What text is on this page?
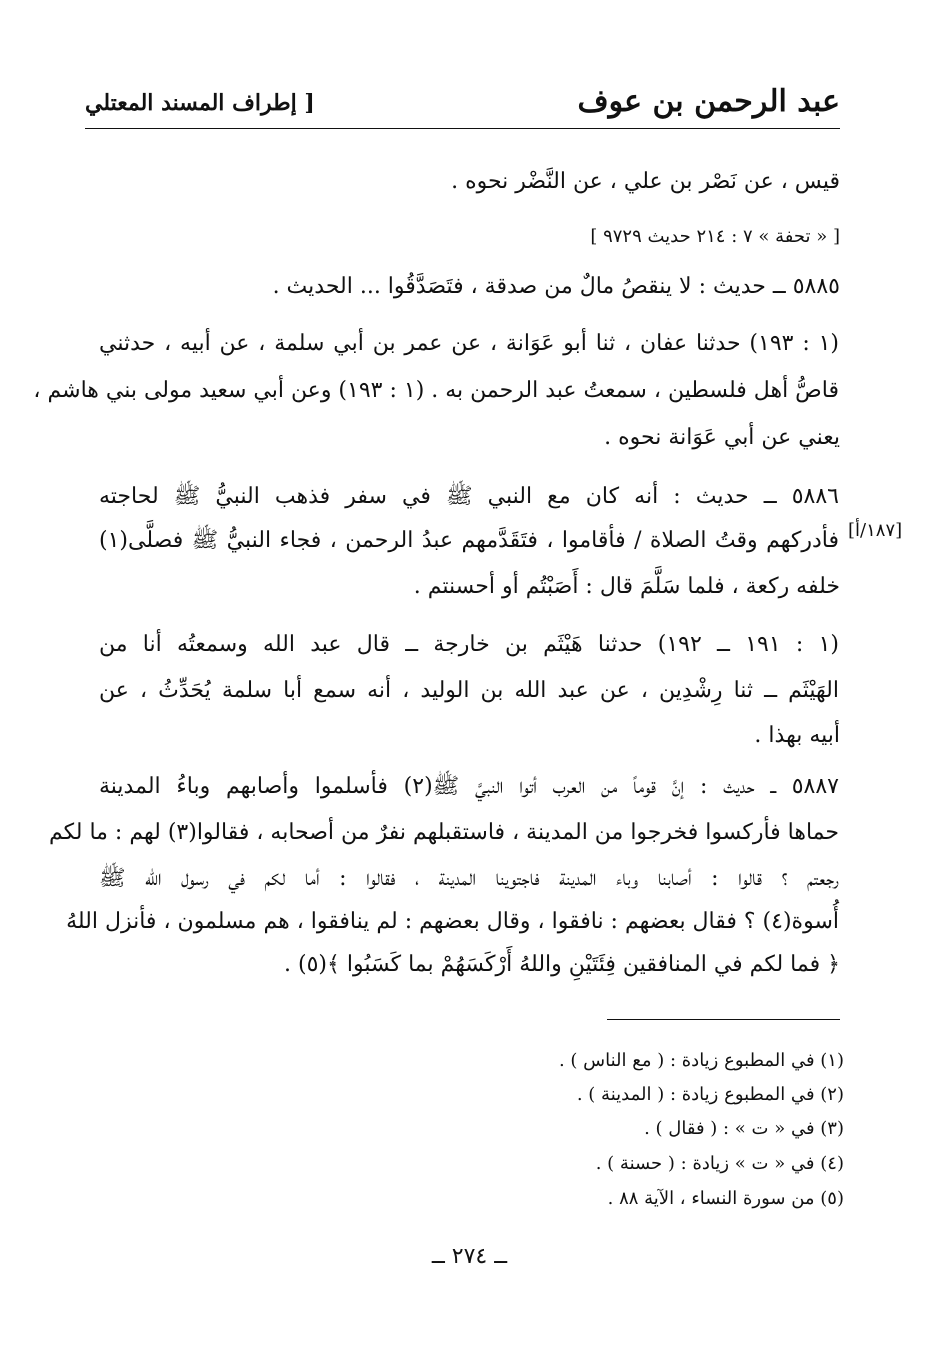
عبد الرحمن بن عوف
[ إطراف المسند المعتلي
قيس ، عن نَصْر بن علي ، عن النَّضْر نحوه .
[ « تحفة » ٧ : ٢١٤ حديث ٩٧٢٩ ]
٥٨٨٥ ــ حديث : لا ينقصُ مالٌ من صدقة ، فتَصَدَّقُوا ... الحديث .
(١ : ١٩٣) حدثنا عفان ، ثنا أبو عَوَانة ، عن عمر بن أبي سلمة ، عن أبيه ، حدثني
قاصُّ أهل فلسطين ، سمعتُ عبد الرحمن به . (١ : ١٩٣) وعن أبي سعيد مولى بني هاشم ،
يعني عن أبي عَوَانة نحوه .
٥٨٨٦ ــ حديث : أنه كان مع النبي ﷺ في سفر فذهب النبيُّ ﷺ لحاجته
[١٨٧/أ]
فأدركهم وقتُ الصلاة / فأقاموا ، فتَقَدَّمهم عبدُ الرحمن ، فجاء النبيُّ ﷺ فصلَّى(١)
خلفه ركعة ، فلما سَلَّمَ قال : أَصَبْتُم أو أحسنتم .
(١ : ١٩١ ــ ١٩٢) حدثنا هَيْثَم بن خارجة ــ قال عبد الله وسمعتُه أنا من
الهَيْثَم ــ ثنا رِشْدِين ، عن عبد الله بن الوليد ، أنه سمع أبا سلمة يُحَدِّثُ ، عن
أبيه بهذا .
٥٨٨٧ ــ حديث : إنَّ قوماً من العرب أتوا النبيَّ ﷺ(٢) فأسلموا وأصابهم وباءُ المدينة
حماها فأركسوا فخرجوا من المدينة ، فاستقبلهم نفرٌ من أصحابه ، فقالوا(٣) لهم : ما لكم
رجعتم ؟ قالوا : أصابنا وباء المدينة فاجتوينا المدينة ، فقالوا : أما لكم في رسول الله ﷺ
أُسوة(٤) ؟ فقال بعضهم : نافقوا ، وقال بعضهم : لم ينافقوا ، هم مسلمون ، فأنزل اللهُ
﴿ فما لكم في المنافقين فِئَتَيْنِ واللهُ أَرْكَسَهُمْ بما كَسَبُوا ﴾(٥) .
(١) في المطبوع زيادة : ( مع الناس ) .
(٢) في المطبوع زيادة : ( المدينة ) .
(٣) في « ت » : ( فقال ) .
(٤) في « ت » زيادة : ( حسنة ) .
(٥) من سورة النساء ، الآية ٨٨ .
ــ ٢٧٤ ــ
